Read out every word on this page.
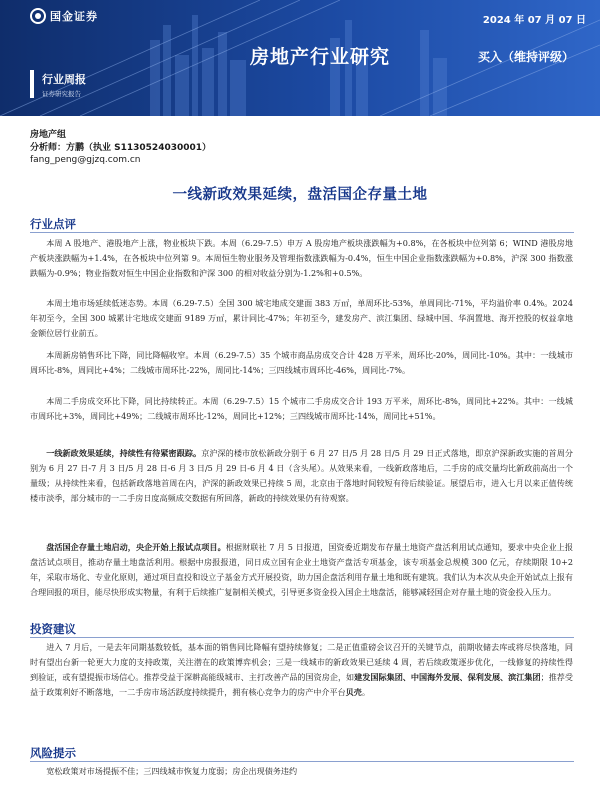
国金证券	2024 年 07 月 07 日
房地产行业研究	买入（维持评级）
行业周报
证券研究报告
房地产组
分析师：方鹏（执业 S1130524030001）
fang_peng@gjzq.com.cn
一线新政效果延续，盘活国企存量土地
行业点评
本周 A 股地产、港股地产上涨，物业板块下跌。本周（6.29-7.5）申万 A 股房地产板块涨跌幅为+0.8%，在各板块中位列第 6；WIND 港股房地产板块涨跌幅为+1.4%，在各板块中位列第 9。本周恒生物业服务及管理指数涨跌幅为-0.4%，恒生中国企业指数涨跌幅为+0.8%，沪深 300 指数涨跌幅为-0.9%；物业指数对恒生中国企业指数和沪深 300 的相对收益分别为-1.2%和+0.5%。
本周土地市场延续低迷态势。本周（6.29-7.5）全国 300 城宅地成交建面 383 万㎡，单周环比-53%，单周同比-71%，平均溢价率 0.4%。2024 年初至今，全国 300 城累计宅地成交建面 9189 万㎡，累计同比-47%；年初至今，建发房产、滨江集团、绿城中国、华润置地、海开控股的权益拿地金额位居行业前五。
本周新房销售环比下降，同比降幅收窄。本周（6.29-7.5）35 个城市商品房成交合计 428 万平米，周环比-20%，周同比-10%。其中：一线城市周环比-8%，周同比+4%；二线城市周环比-22%，周同比-14%；三四线城市周环比-46%，周同比-7%。
本周二手房成交环比下降，同比持续转正。本周（6.29-7.5）15 个城市二手房成交合计 193 万平米，周环比-8%，周同比+22%。其中：一线城市周环比+3%，周同比+49%；二线城市周环比-12%，周同比+12%；三四线城市周环比-14%，周同比+51%。
一线新政效果延续，持续性有待紧密跟踪。京沪深的楼市放松新政分别于 6 月 27 日/5 月 28 日/5 月 29 日正式落地，即京沪深新政实施的首周分别为 6 月 27 日-7 月 3 日/5 月 28 日-6 月 3 日/5 月 29 日-6 月 4 日（含头尾）。从效果来看，一线新政落地后，二手房的成交量均比新政前高出一个量级；从持续性来看，包括新政落地首周在内，沪深的新政效果已持续 5 周，北京由于落地时间较短有待后续验证。展望后市，进入七月以来正值传统楼市淡季，部分城市的一二手房日度高频成交数据有所回落，新政的持续效果仍有待观察。
盘活国企存量土地启动，央企开始上报试点项目。根据财联社 7 月 5 日报道，国资委近期发布存量土地资产盘活利用试点通知，要求中央企业上报盘活试点项目，推动存量土地盘活利用。根据中房报报道，同日成立国有企业土地资产盘活专项基金，该专项基金总规模 300 亿元，存续期限 10+2 年，采取市场化、专业化原则，通过项目直投和设立子基金方式开展投资，助力国企盘活利用存量土地和既有建筑。我们认为本次从央企开始试点上报有合理回报的项目，能尽快形成实物量，有利于后续推广复制相关模式，引导更多资金投入国企土地盘活，能够减轻国企对存量土地的资金投入压力。
投资建议
进入 7 月后，一是去年同期基数较低，基本面的销售同比降幅有望持续修复；二是正值重磅会议召开的关键节点，前期收储去库或将尽快落地，同时有望出台新一轮更大力度的支持政策，关注潜在的政策博弈机会；三是一线城市的新政效果已延续 4 周，若后续政策逐步优化，一线修复的持续性得到验证，或有望提振市场信心。推荐受益于深耕高能级城市、主打改善产品的国资房企，如建发国际集团、中国海外发展、保利发展、滨江集团；推荐受益于政策利好不断落地，一二手房市场活跃度持续提升，拥有核心竞争力的房产中介平台贝壳。
风险提示
宽松政策对市场提振不佳；三四线城市恢复力度弱；房企出现债务违约
